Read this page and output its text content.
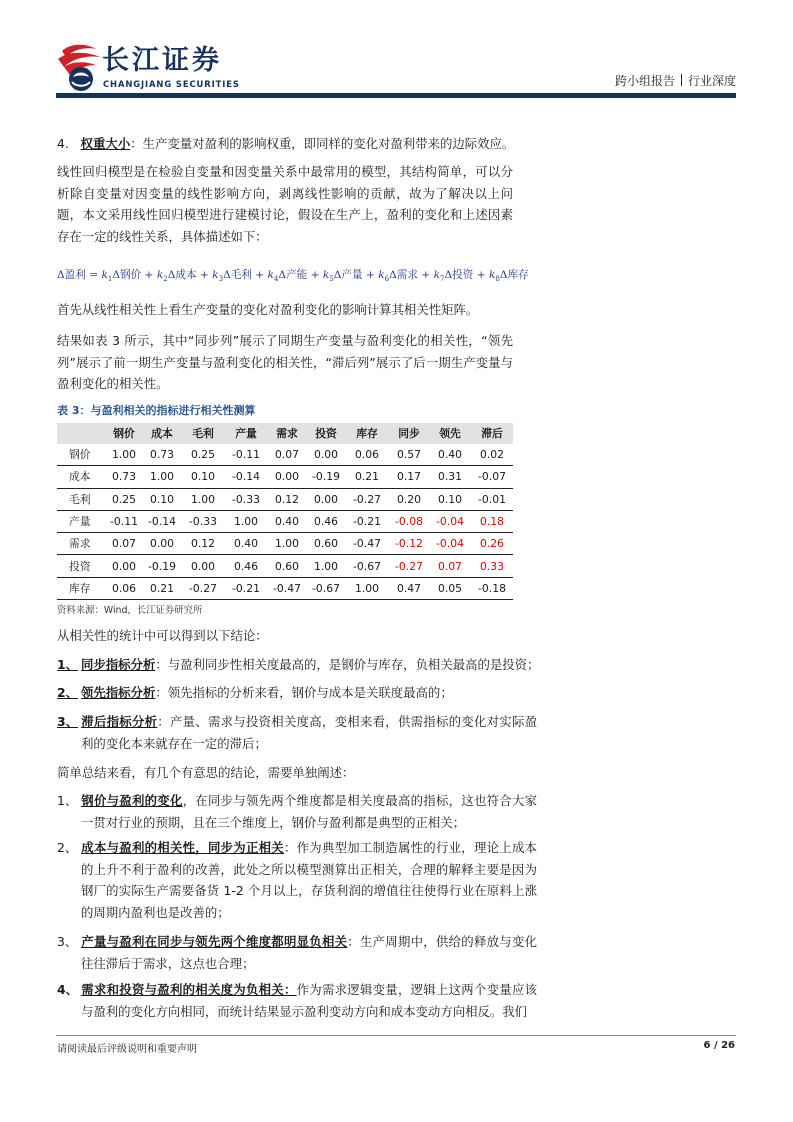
长江证券
CHANGJIANG SECURITIES	跨小组报告 行业深度
4. 权重大小：生产变量对盈利的影响权重，即同样的变化对盈利带来的边际效应。
线性回归模型是在检验自变量和因变量关系中最常用的模型，其结构简单，可以分析除自变量对因变量的线性影响方向，剥离线性影响的贡献，故为了解决以上问题，本文采用线性回归模型进行建模讨论，假设在生产上，盈利的变化和上述因素存在一定的线性关系，具体描述如下：
Δ盈利 = $k_1\Delta$钢价 + $k_2\Delta$成本 + $k_3\Delta$毛利 + $k_4\Delta$产能 + $k_5\Delta$产量 + $k_6\Delta$需求 + $k_7\Delta$投资 + $k_8\Delta$库存
首先从线性相关性上看生产变量的变化对盈利变化的影响计算其相关性矩阵。
结果如表 3 所示，其中“同步列”展示了同期生产变量与盈利变化的相关性，“领先列”展示了前一期生产变量与盈利变化的相关性，“滞后列”展示了后一期生产变量与盈利变化的相关性。
表 3：与盈利相关的指标进行相关性测算
	钢价	成本	毛利	产量	需求	投资	库存	同步	领先	滞后
钢价	1.00	0.73	0.25	-0.11	0.07	0.00	0.06	0.57	0.40	0.02
成本	0.73	1.00	0.10	-0.14	0.00	-0.19	0.21	0.17	0.31	-0.07
毛利	0.25	0.10	1.00	-0.33	0.12	0.00	-0.27	0.20	0.10	-0.01
产量	-0.11	-0.14	-0.33	1.00	0.40	0.46	-0.21	-0.08	-0.04	0.18
需求	0.07	0.00	0.12	0.40	1.00	0.60	-0.47	-0.12	-0.04	0.26
投资	0.00	-0.19	0.00	0.46	0.60	1.00	-0.67	-0.27	0.07	0.33
库存	0.06	0.21	-0.27	-0.21	-0.47	-0.67	1.00	0.47	0.05	-0.18
资料来源：Wind，长江证券研究所
从相关性的统计中可以得到以下结论：
1、 同步指标分析：与盈利同步性相关度最高的，是钢价与库存，负相关最高的是投资；
2、 领先指标分析：领先指标的分析来看，钢价与成本是关联度最高的；
3、 滞后指标分析：产量、需求与投资相关度高，变相来看，供需指标的变化对实际盈利的变化本来就存在一定的滞后；
简单总结来看，有几个有意思的结论，需要单独阐述：
1、 钢价与盈利的变化，在同步与领先两个维度都是相关度最高的指标，这也符合大家一贯对行业的预期，且在三个维度上，钢价与盈利都是典型的正相关；
2、 成本与盈利的相关性，同步为正相关：作为典型加工制造属性的行业，理论上成本的上升不利于盈利的改善，此处之所以模型测算出正相关，合理的解释主要是因为钢厂的实际生产需要备货 1-2 个月以上，存货利润的增值往往使得行业在原料上涨的周期内盈利也是改善的；
3、 产量与盈利在同步与领先两个维度都明显负相关：生产周期中，供给的释放与变化往往滞后于需求，这点也合理；
4、 需求和投资与盈利的相关度为负相关：作为需求逻辑变量，逻辑上这两个变量应该与盈利的变化方向相同，而统计结果显示盈利变动方向和成本变动方向相反。我们
请阅读最后评级说明和重要声明	6 / 26
